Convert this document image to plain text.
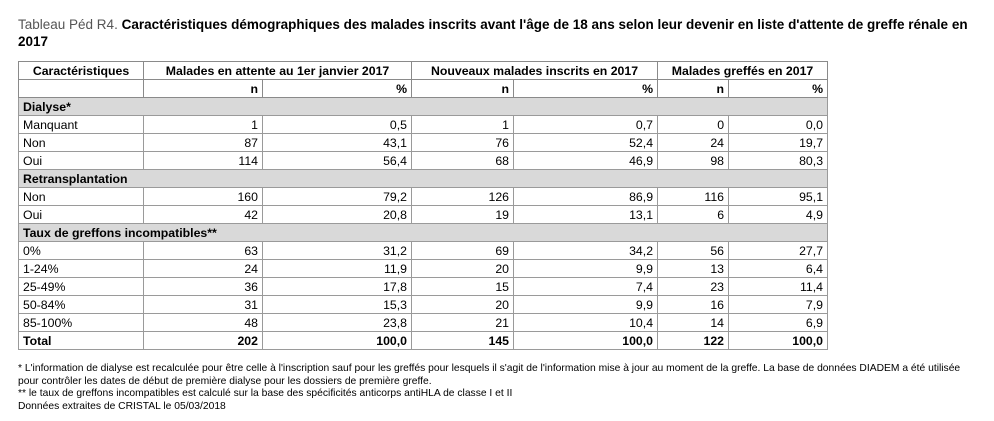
Tableau Péd R4. Caractéristiques démographiques des malades inscrits avant l'âge de 18 ans selon leur devenir en liste d'attente de greffe rénale en 2017
Caractéristiques	Malades en attente au 1er janvier 2017		Nouveaux malades inscrits en 2017		Malades greffés en 2017	
	n	%	n	%	n	%
Dialyse*						
Manquant	1	0,5	1	0,7	0	0,0
Non	87	43,1	76	52,4	24	19,7
Oui	114	56,4	68	46,9	98	80,3
Retransplantation						
Non	160	79,2	126	86,9	116	95,1
Oui	42	20,8	19	13,1	6	4,9
Taux de greffons incompatibles**						
0%	63	31,2	69	34,2	56	27,7
1-24%	24	11,9	20	9,9	13	6,4
25-49%	36	17,8	15	7,4	23	11,4
50-84%	31	15,3	20	9,9	16	7,9
85-100%	48	23,8	21	10,4	14	6,9
Total	202	100,0	145	100,0	122	100,0
* L'information de dialyse est recalculée pour être celle à l'inscription sauf pour les greffés pour lesquels il s'agit de l'information mise à jour au moment de la greffe. La base de données DIADEM a été utilisée pour contrôler les dates de début de première dialyse pour les dossiers de première greffe.
** le taux de greffons incompatibles est calculé sur la base des spécificités anticorps antiHLA de classe I et II
Données extraites de CRISTAL le 05/03/2018
